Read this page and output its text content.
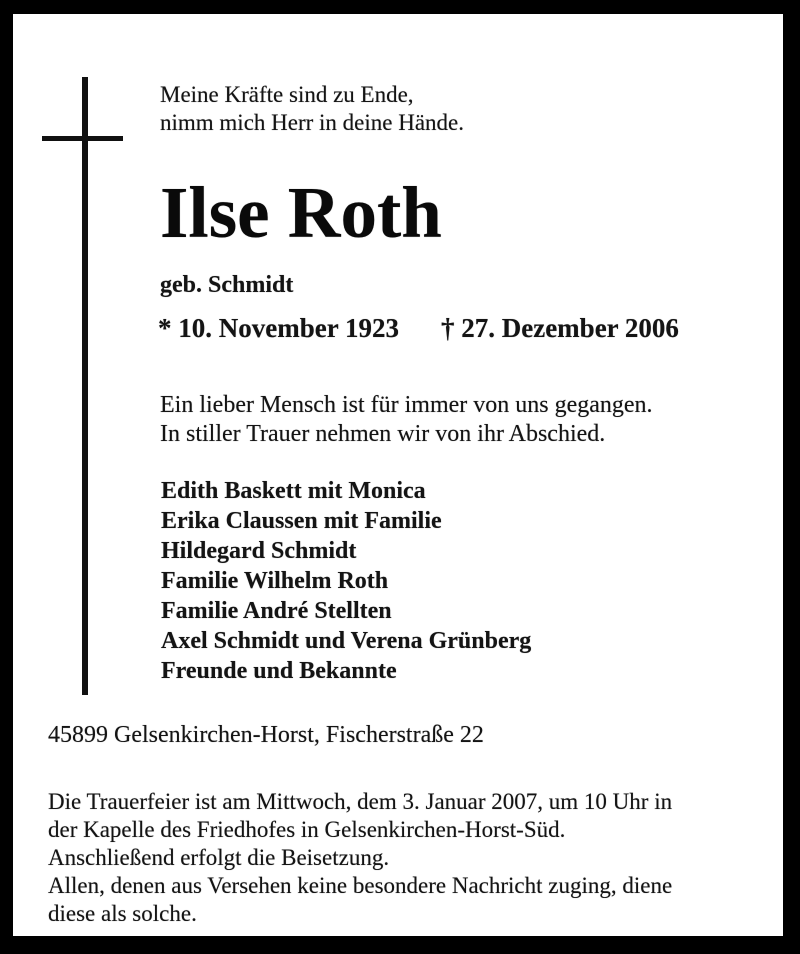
Meine Kräfte sind zu Ende,
nimm mich Herr in deine Hände.
Ilse Roth
geb. Schmidt
* 10. November 1923 † 27. Dezember 2006
Ein lieber Mensch ist für immer von uns gegangen.
In stiller Trauer nehmen wir von ihr Abschied.
Edith Baskett mit Monica
Erika Claussen mit Familie
Hildegard Schmidt
Familie Wilhelm Roth
Familie André Stellten
Axel Schmidt und Verena Grünberg
Freunde und Bekannte
45899 Gelsenkirchen-Horst, Fischerstraße 22
Die Trauerfeier ist am Mittwoch, dem 3. Januar 2007, um 10 Uhr in
der Kapelle des Friedhofes in Gelsenkirchen-Horst-Süd.
Anschließend erfolgt die Beisetzung.
Allen, denen aus Versehen keine besondere Nachricht zuging, diene
diese als solche.
